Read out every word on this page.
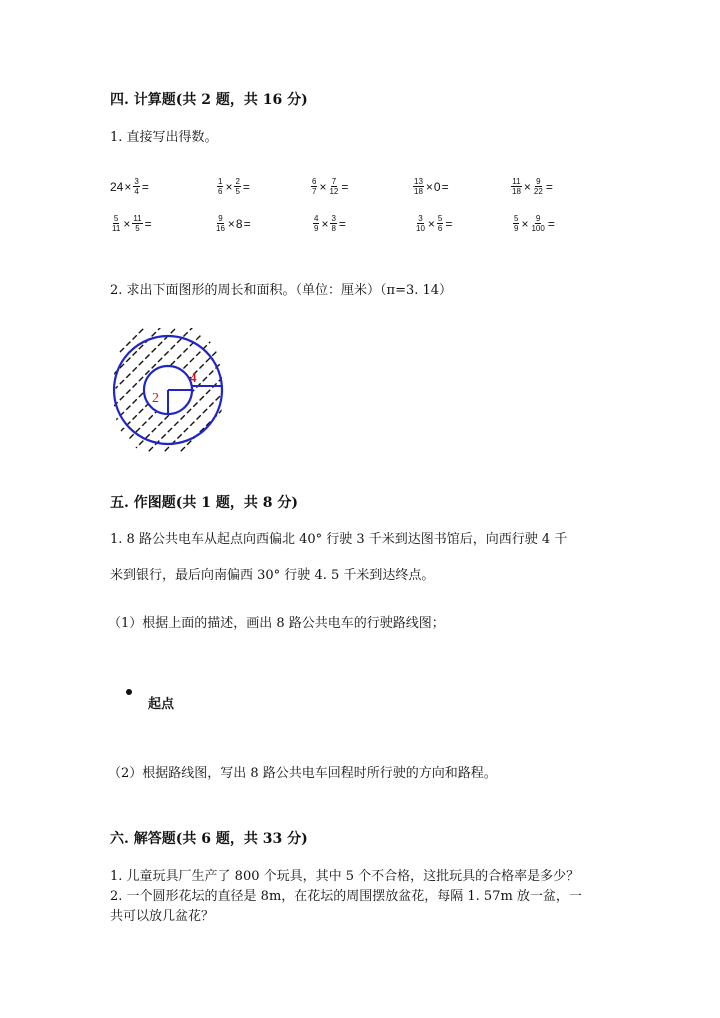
四. 计算题(共 2 题，共 16 分)
1. 直接写出得数。
$24 \times \frac{3}{4}$ =	$\frac{1}{6} \times \frac{2}{5}$ =	$\frac{6}{7} \times \frac{7}{12}$ =	$\frac{13}{18} \times 0$ =	$\frac{11}{18} \times \frac{9}{22}$ =
$\frac{5}{11} \times \frac{11}{5}$ =	$\frac{9}{16} \times 8$ =	$\frac{4}{9} \times \frac{3}{8}$ =	$\frac{3}{10} \times \frac{5}{6}$ =	$\frac{5}{9} \times \frac{9}{100}$ =
2. 求出下面图形的周长和面积。（单位：厘米）（π=3. 14）
2
4
五. 作图题(共 1 题，共 8 分)
1. 8 路公共电车从起点向西偏北 40° 行驶 3 千米到达图书馆后，向西行驶 4 千
米到银行，最后向南偏西 30° 行驶 4. 5 千米到达终点。
（1）根据上面的描述，画出 8 路公共电车的行驶路线图；
起点
（2）根据路线图，写出 8 路公共电车回程时所行驶的方向和路程。
六. 解答题(共 6 题，共 33 分)
1. 儿童玩具厂生产了 800 个玩具，其中 5 个不合格，这批玩具的合格率是多少？
2. 一个圆形花坛的直径是 8m，在花坛的周围摆放盆花，每隔 1. 57m 放一盆，一
共可以放几盆花？
